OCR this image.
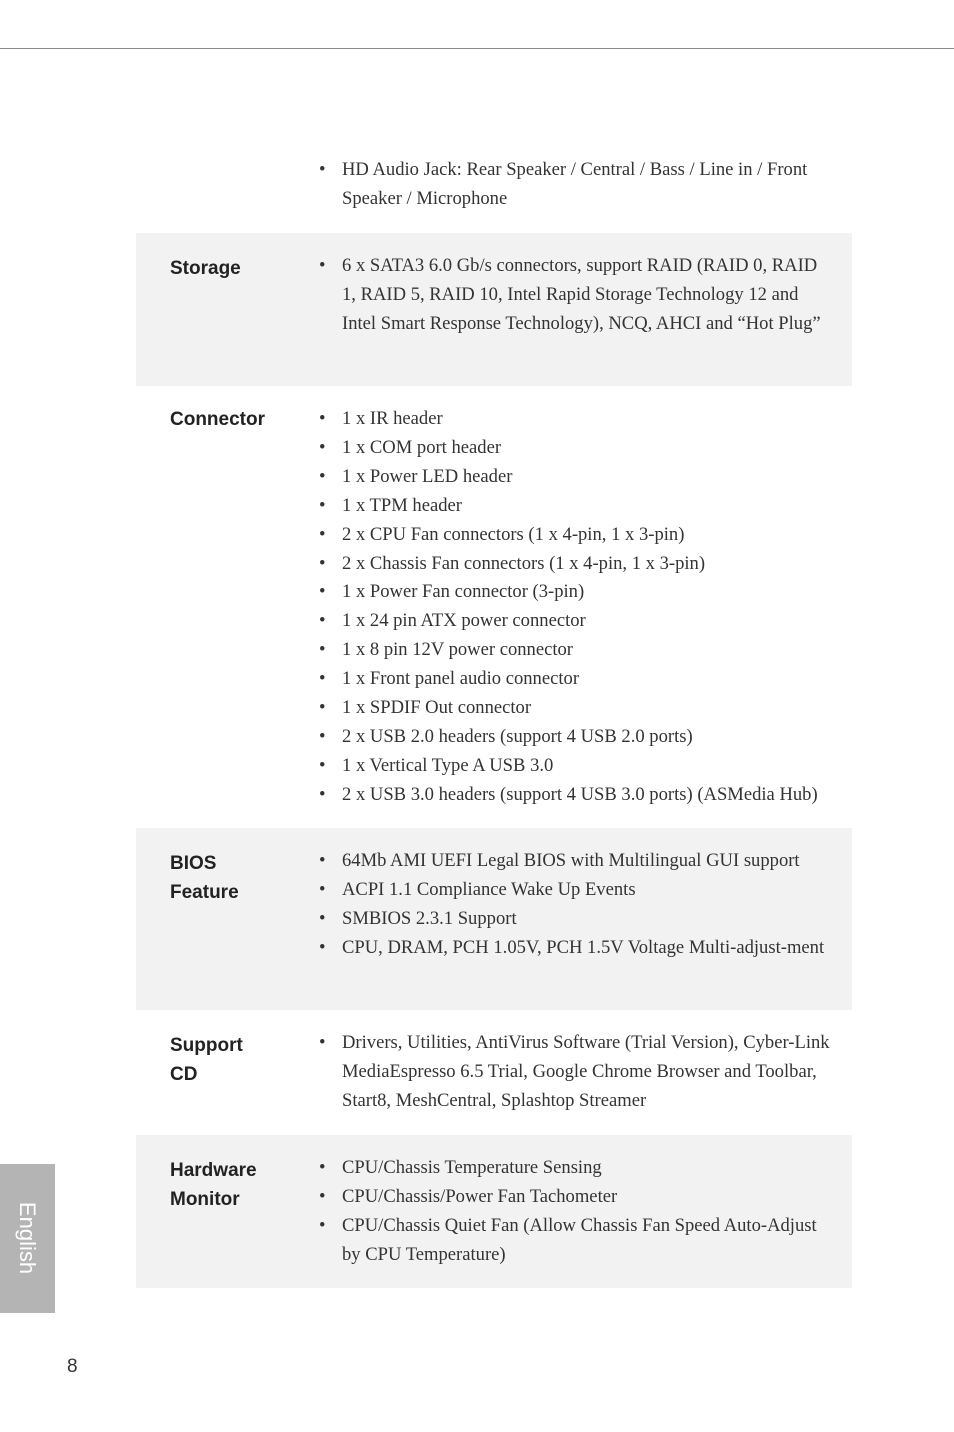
• HD Audio Jack: Rear Speaker / Central / Bass / Line in / Front Speaker / Microphone
Storage	• 6 x SATA3 6.0 Gb/s connectors, support RAID (RAID 0, RAID 1, RAID 5, RAID 10, Intel Rapid Storage Technology 12 and Intel Smart Response Technology), NCQ, AHCI and “Hot Plug”
Connector	• 1 x IR header
• 1 x COM port header
• 1 x Power LED header
• 1 x TPM header
• 2 x CPU Fan connectors (1 x 4-pin, 1 x 3-pin)
• 2 x Chassis Fan connectors (1 x 4-pin, 1 x 3-pin)
• 1 x Power Fan connector (3-pin)
• 1 x 24 pin ATX power connector
• 1 x 8 pin 12V power connector
• 1 x Front panel audio connector
• 1 x SPDIF Out connector
• 2 x USB 2.0 headers (support 4 USB 2.0 ports)
• 1 x Vertical Type A USB 3.0
• 2 x USB 3.0 headers (support 4 USB 3.0 ports) (ASMedia Hub)
BIOS
Feature
• 64Mb AMI UEFI Legal BIOS with Multilingual GUI support
• ACPI 1.1 Compliance Wake Up Events
• SMBIOS 2.3.1 Support
• CPU, DRAM, PCH 1.05V, PCH 1.5V Voltage Multi-adjust-ment
Support
CD
• Drivers, Utilities, AntiVirus Software (Trial Version), Cyber-Link MediaEspresso 6.5 Trial, Google Chrome Browser and Toolbar, Start8, MeshCentral, Splashtop Streamer
Hardware
Monitor
• CPU/Chassis Temperature Sensing
• CPU/Chassis/Power Fan Tachometer
• CPU/Chassis Quiet Fan (Allow Chassis Fan Speed Auto-Adjust by CPU Temperature)
English
8
